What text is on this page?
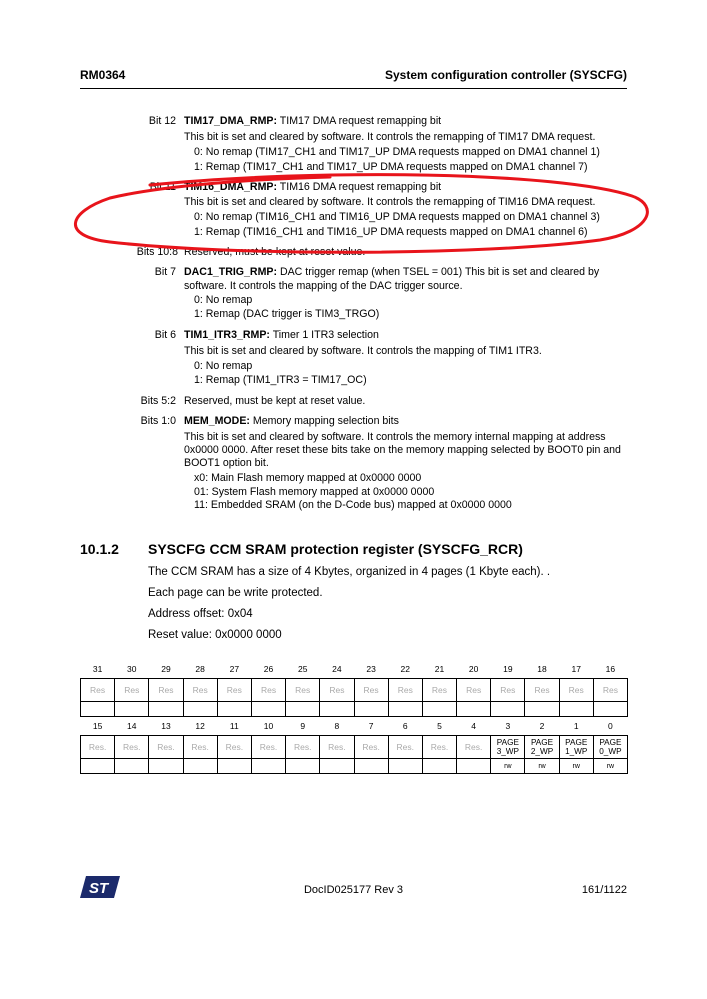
RM0364	System configuration controller (SYSCFG)
Bit 12 TIM17_DMA_RMP: TIM17 DMA request remapping bit
This bit is set and cleared by software. It controls the remapping of TIM17 DMA request.
0: No remap (TIM17_CH1 and TIM17_UP DMA requests mapped on DMA1 channel 1)
1: Remap (TIM17_CH1 and TIM17_UP DMA requests mapped on DMA1 channel 7)
Bit 11 TIM16_DMA_RMP: TIM16 DMA request remapping bit
This bit is set and cleared by software. It controls the remapping of TIM16 DMA request.
0: No remap (TIM16_CH1 and TIM16_UP DMA requests mapped on DMA1 channel 3)
1: Remap (TIM16_CH1 and TIM16_UP DMA requests mapped on DMA1 channel 6)
Bits 10:8 Reserved, must be kept at reset value.
Bit 7 DAC1_TRIG_RMP: DAC trigger remap (when TSEL = 001) This bit is set and cleared by
software. It controls the mapping of the DAC trigger source.
0: No remap
1: Remap (DAC trigger is TIM3_TRGO)
Bit 6 TIM1_ITR3_RMP: Timer 1 ITR3 selection
This bit is set and cleared by software. It controls the mapping of TIM1 ITR3.
0: No remap
1: Remap (TIM1_ITR3 = TIM17_OC)
Bits 5:2 Reserved, must be kept at reset value.
Bits 1:0 MEM_MODE: Memory mapping selection bits
This bit is set and cleared by software. It controls the memory internal mapping at address
0x0000 0000. After reset these bits take on the memory mapping selected by BOOT0 pin and
BOOT1 option bit.
x0: Main Flash memory mapped at 0x0000 0000
01: System Flash memory mapped at 0x0000 0000
11: Embedded SRAM (on the D-Code bus) mapped at 0x0000 0000
10.1.2 SYSCFG CCM SRAM protection register (SYSCFG_RCR)
The CCM SRAM has a size of 4 Kbytes, organized in 4 pages (1 Kbyte each). .
Each page can be write protected.
Address offset: 0x04
Reset value: 0x0000 0000
31	30	29	28	27	26	25	24	23	22	21	20	19	18	17	16
Res	Res	Res	Res	Res	Res	Res	Res	Res	Res	Res	Res	Res	Res	Res	Res

15	14	13	12	11	10	9	8	7	6	5	4	3	2	1	0
Res.	Res.	Res.	Res.	Res.	Res.	Res.	Res.	Res.	Res.	Res.	Res.	PAGE 3_WP	PAGE 2_WP	PAGE 1_WP	PAGE 0_WP
												rw	rw	rw	rw
ST	DocID025177 Rev 3	161/1122
